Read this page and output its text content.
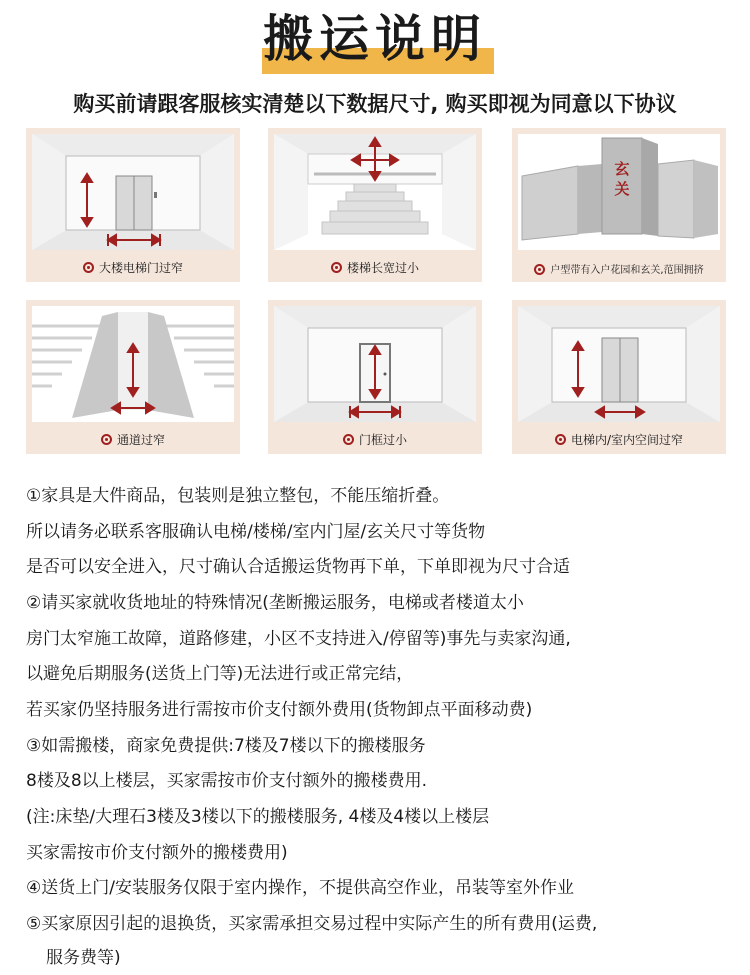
搬运说明
购买前请跟客服核实清楚以下数据尺寸, 购买即视为同意以下协议
大楼电梯门过窄	楼梯长宽过小
玄
关
户型带有入户花园和玄关,范围拥挤
通道过窄	门框过小	电梯内/室内空间过窄
①家具是大件商品，包装则是独立整包，不能压缩折叠。
所以请务必联系客服确认电梯/楼梯/室内门屋/玄关尺寸等货物
是否可以安全进入，尺寸确认合适搬运货物再下单，下单即视为尺寸合适
②请买家就收货地址的特殊情况(垄断搬运服务，电梯或者楼道太小
房门太窄施工故障，道路修建，小区不支持进入/停留等)事先与卖家沟通,
以避免后期服务(送货上门等)无法进行或正常完结，
若买家仍坚持服务进行需按市价支付额外费用(货物卸点平面移动费)
③如需搬楼，商家免费提供:7楼及7楼以下的搬楼服务
8楼及8以上楼层，买家需按市价支付额外的搬楼费用.
(注:床垫/大理石3楼及3楼以下的搬楼服务, 4楼及4楼以上楼层
买家需按市价支付额外的搬楼费用)
④送货上门/安装服务仅限于室内操作，不提供高空作业，吊装等室外作业
⑤买家原因引起的退换货，买家需承担交易过程中实际产生的所有费用(运费,
服务费等)
